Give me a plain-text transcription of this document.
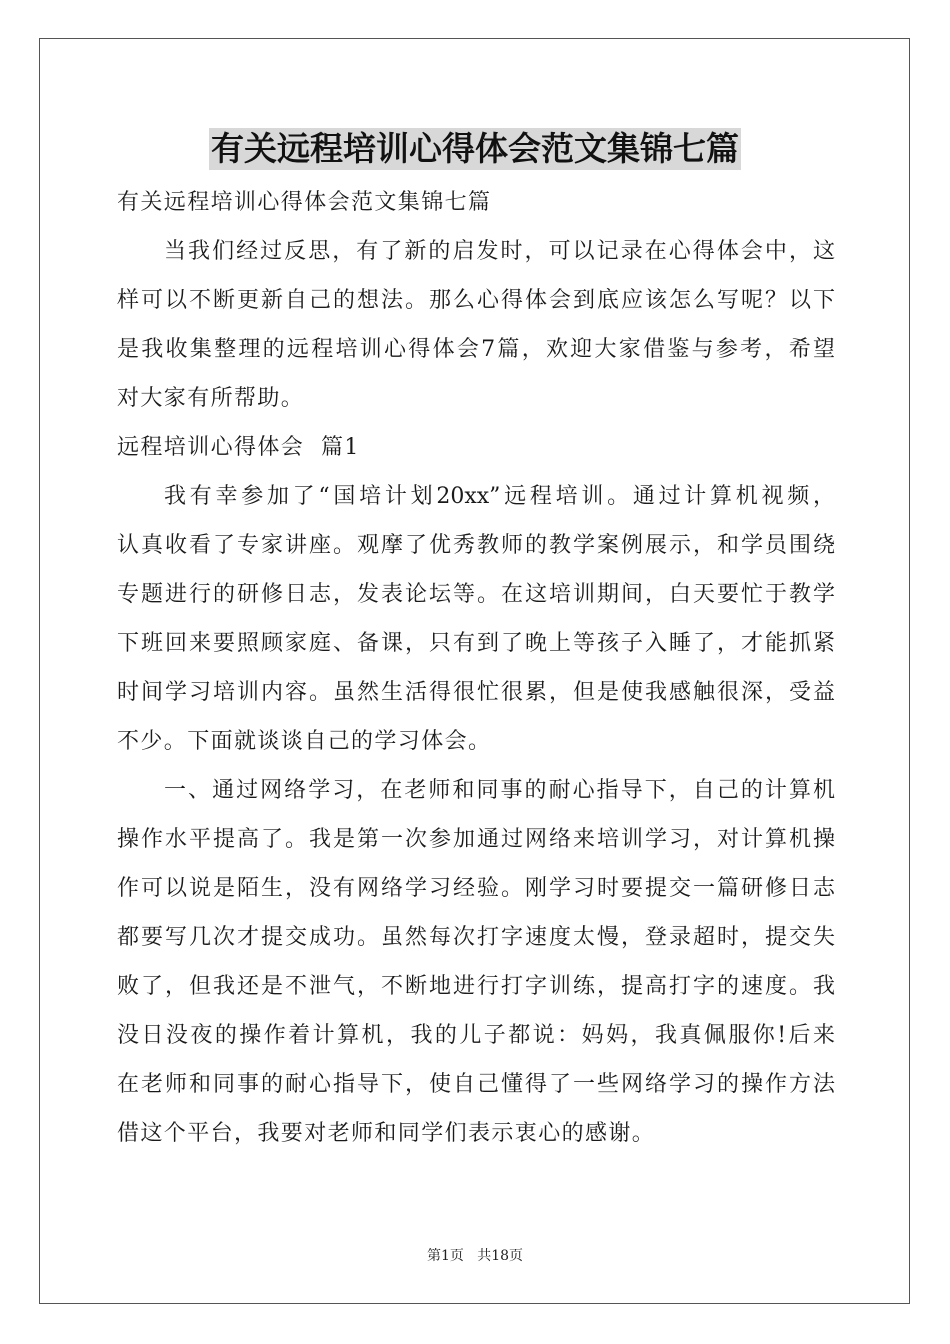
有关远程培训心得体会范文集锦七篇
有关远程培训心得体会范文集锦七篇
当我们经过反思，有了新的启发时，可以记录在心得体会中，这
样可以不断更新自己的想法。那么心得体会到底应该怎么写呢？以下
是我收集整理的远程培训心得体会7篇，欢迎大家借鉴与参考，希望
对大家有所帮助。
远程培训心得体会  篇1
我有幸参加了“国培计划20xx”远程培训。通过计算机视频，
认真收看了专家讲座。观摩了优秀教师的教学案例展示，和学员围绕
专题进行的研修日志，发表论坛等。在这培训期间，白天要忙于教学
下班回来要照顾家庭、备课，只有到了晚上等孩子入睡了，才能抓紧
时间学习培训内容。虽然生活得很忙很累，但是使我感触很深，受益
不少。下面就谈谈自己的学习体会。
一、通过网络学习，在老师和同事的耐心指导下，自己的计算机
操作水平提高了。我是第一次参加通过网络来培训学习，对计算机操
作可以说是陌生，没有网络学习经验。刚学习时要提交一篇研修日志
都要写几次才提交成功。虽然每次打字速度太慢，登录超时，提交失
败了，但我还是不泄气，不断地进行打字训练，提高打字的速度。我
没日没夜的操作着计算机，我的儿子都说：妈妈，我真佩服你!后来
在老师和同事的耐心指导下，使自己懂得了一些网络学习的操作方法
借这个平台，我要对老师和同学们表示衷心的感谢。
第1页   共18页
